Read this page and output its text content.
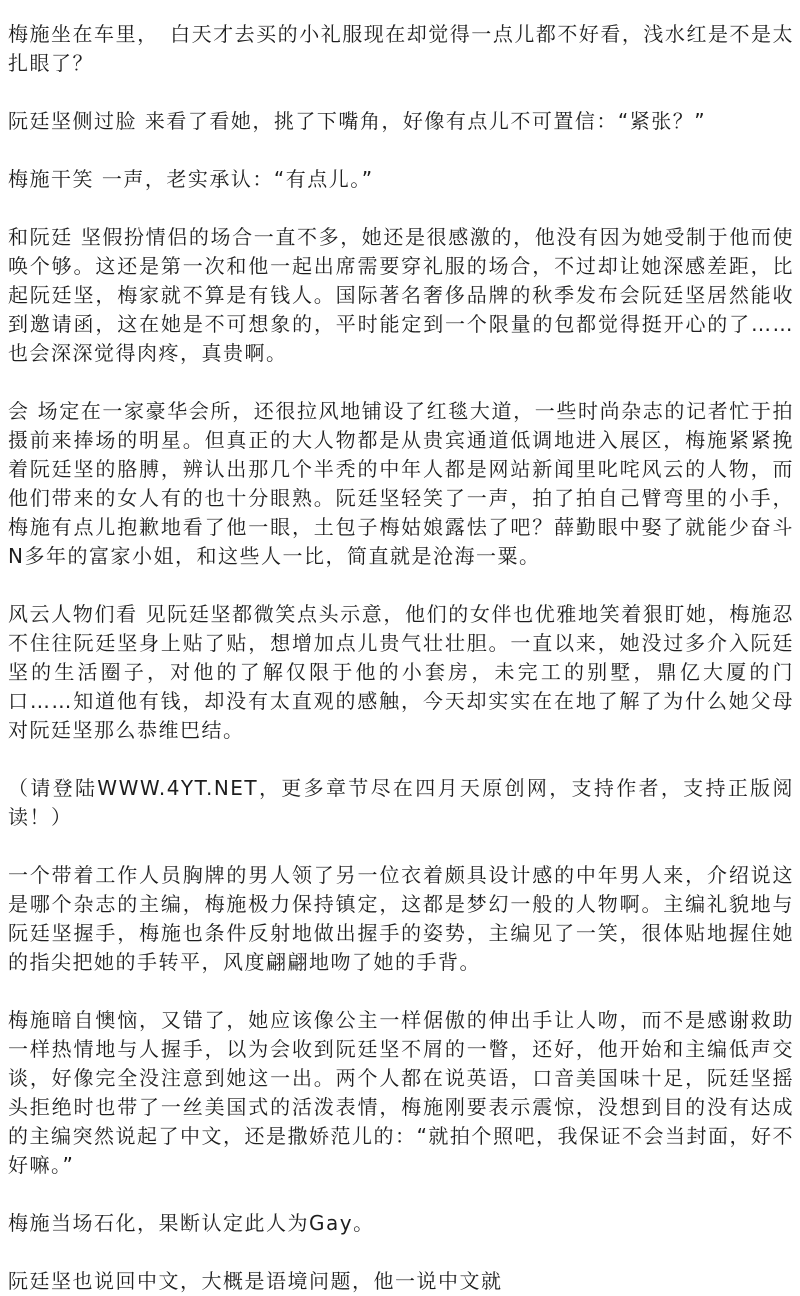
梅施坐在车里，　白天才去买的小礼服现在却觉得一点儿都不好看，浅水红是不是太扎眼了？

阮廷坚侧过脸 来看了看她，挑了下嘴角，好像有点儿不可置信：“紧张？”

梅施干笑 一声，老实承认：“有点儿。”

和阮廷 坚假扮情侣的场合一直不多，她还是很感激的，他没有因为她受制于他而使唤个够。这还是第一次和他一起出席需要穿礼服的场合，不过却让她深感差距，比起阮廷坚，梅家就不算是有钱人。国际著名奢侈品牌的秋季发布会阮廷坚居然能收到邀请函，这在她是不可想象的，平时能定到一个限量的包都觉得挺开心的了……也会深深觉得肉疼，真贵啊。

会 场定在一家豪华会所，还很拉风地铺设了红毯大道，一些时尚杂志的记者忙于拍摄前来捧场的明星。但真正的大人物都是从贵宾通道低调地进入展区，梅施紧紧挽着阮廷坚的胳膊，辨认出那几个半秃的中年人都是网站新闻里叱咤风云的人物，而他们带来的女人有的也十分眼熟。阮廷坚轻笑了一声，拍了拍自己臂弯里的小手，梅施有点儿抱歉地看了他一眼，土包子梅姑娘露怯了吧？薛勤眼中娶了就能少奋斗N多年的富家小姐，和这些人一比，简直就是沧海一粟。

风云人物们看 见阮廷坚都微笑点头示意，他们的女伴也优雅地笑着狠盯她，梅施忍不住往阮廷坚身上贴了贴，想增加点儿贵气壮壮胆。一直以来，她没过多介入阮廷坚的生活圈子，对他的了解仅限于他的小套房，未完工的别墅，鼎亿大厦的门口……知道他有钱，却没有太直观的感触，今天却实实在在地了解了为什么她父母对阮廷坚那么恭维巴结。

（请登陆WWW.4YT.NET，更多章节尽在四月天原创网，支持作者，支持正版阅读！）

一个带着工作人员胸牌的男人领了另一位衣着颇具设计感的中年男人来，介绍说这是哪个杂志的主编，梅施极力保持镇定，这都是梦幻一般的人物啊。主编礼貌地与阮廷坚握手，梅施也条件反射地做出握手的姿势，主编见了一笑，很体贴地握住她的指尖把她的手转平，风度翩翩地吻了她的手背。

梅施暗自懊恼，又错了，她应该像公主一样倨傲的伸出手让人吻，而不是感谢救助一样热情地与人握手，以为会收到阮廷坚不屑的一瞥，还好，他开始和主编低声交谈，好像完全没注意到她这一出。两个人都在说英语，口音美国味十足，阮廷坚摇头拒绝时也带了一丝美国式的活泼表情，梅施刚要表示震惊，没想到目的没有达成的主编突然说起了中文，还是撒娇范儿的：“就拍个照吧，我保证不会当封面，好不好嘛。”

梅施当场石化，果断认定此人为Gay。

阮廷坚也说回中文，大概是语境问题，他一说中文就
